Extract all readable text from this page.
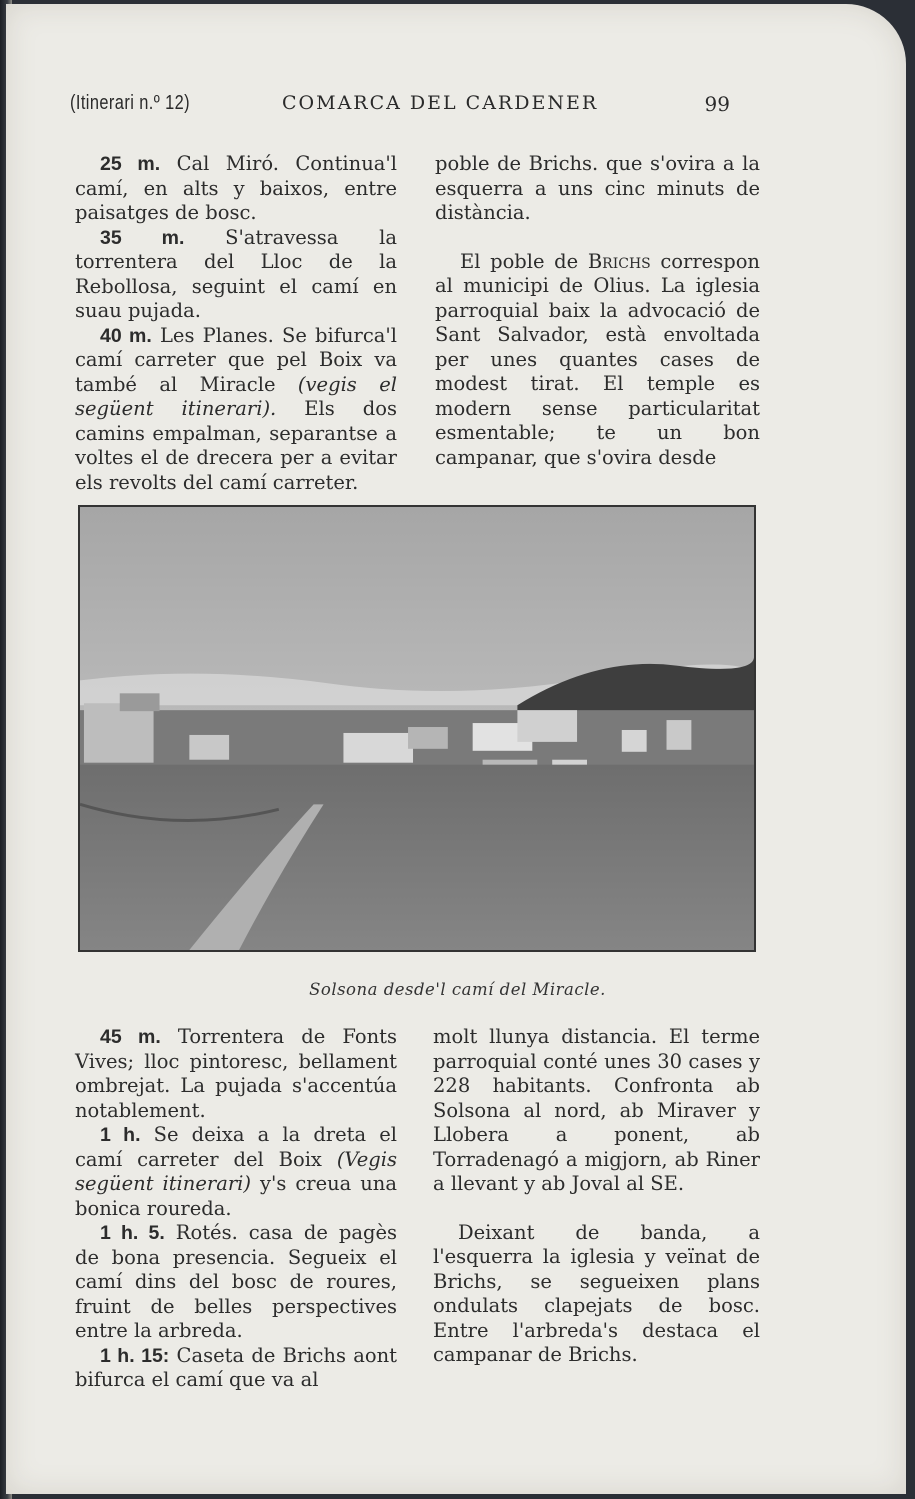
(Itinerari n.º 12)	COMARCA DEL CARDENER	99

25 m. Cal Miró. Continua'l camí, en alts y baixos, entre paisatges de bosc.

35 m. S'atravessa la torrentera del Lloc de la Rebollosa, seguint el camí en suau pujada.

40 m. Les Planes. Se bifurca'l camí carreter que pel Boix va també al Miracle (vegis el següent itinerari). Els dos camins empalman, separantse a voltes el de drecera per a evitar els revolts del camí carreter.

poble de Brichs. que s'ovira a la esquerra a uns cinc minuts de distància.

El poble de Brichs correspon al municipi de Olius. La iglesia parroquial baix la advocació de Sant Salvador, està envoltada per unes quantes cases de modest tirat. El temple es modern sense particularitat esmentable; te un bon campanar, que s'ovira desde

Solsona desde'l camí del Miracle.

45 m. Torrentera de Fonts Vives; lloc pintoresc, bellament ombrejat. La pujada s'accentúa notablement.

1 h. Se deixa a la dreta el camí carreter del Boix (Vegis següent itinerari) y's creua una bonica roureda.

1 h. 5. Rotés. casa de pagès de bona presencia. Segueix el camí dins del bosc de roures, fruint de belles perspectives entre la arbreda.

1 h. 15: Caseta de Brichs aont bifurca el camí que va al

molt llunya distancia. El terme parroquial conté unes 30 cases y 228 habitants. Confronta ab Solsona al nord, ab Miraver y Llobera a ponent, ab Torradenagó a migjorn, ab Riner a llevant y ab Joval al SE.

Deixant de banda, a l'esquerra la iglesia y veïnat de Brichs, se segueixen plans ondulats clapejats de bosc. Entre l'arbreda's destaca el campanar de Brichs.
